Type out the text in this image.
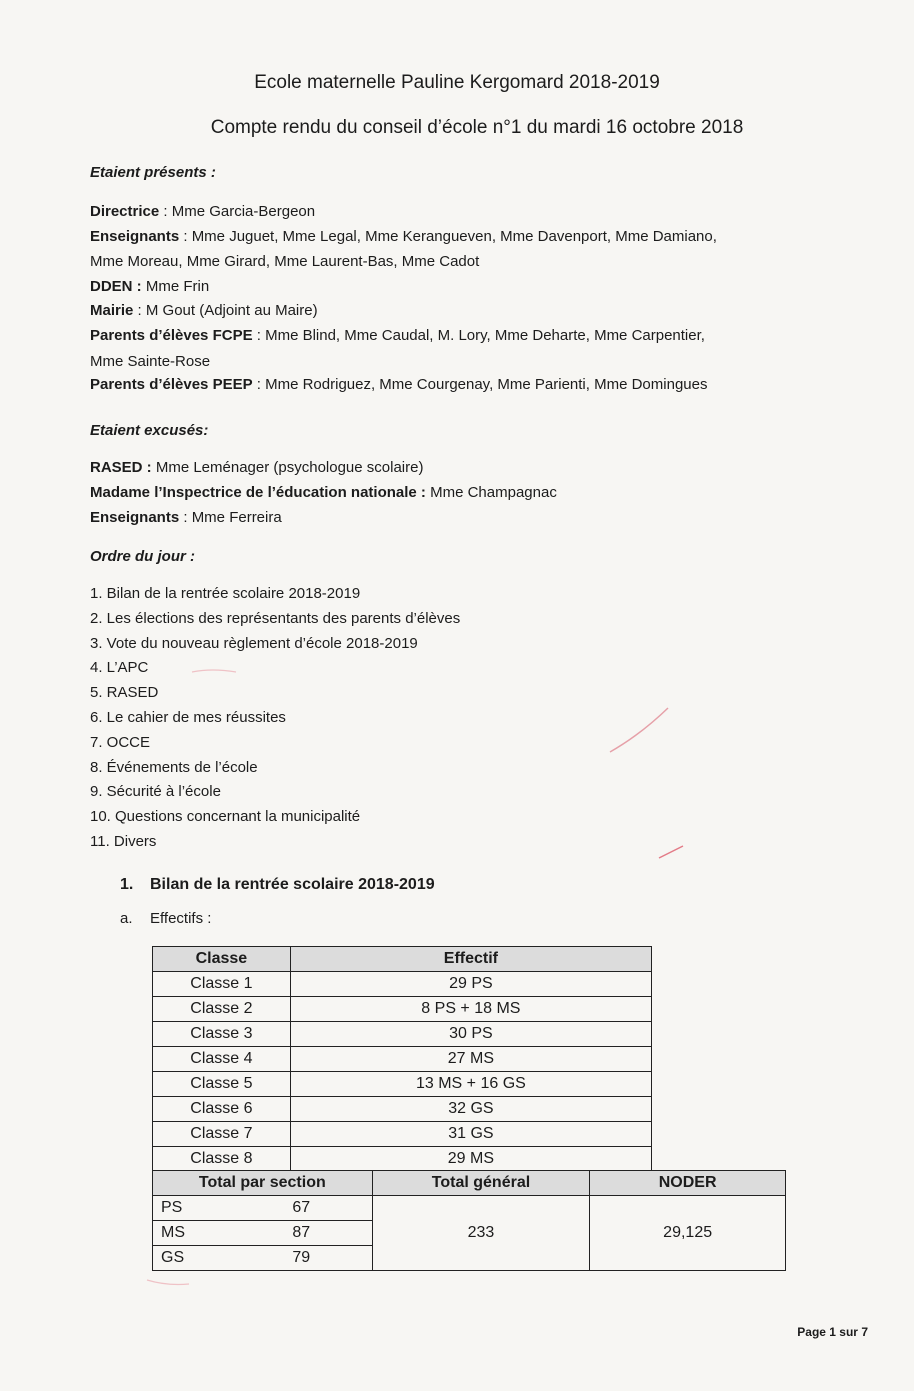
Ecole maternelle Pauline Kergomard 2018-2019
Compte rendu du conseil d’école n°1 du mardi 16 octobre 2018
Etaient présents :
Directrice : Mme Garcia-Bergeon
Enseignants : Mme Juguet, Mme Legal, Mme Kerangueven, Mme Davenport, Mme Damiano,
Mme Moreau, Mme Girard, Mme Laurent-Bas, Mme Cadot
DDEN : Mme Frin
Mairie : M Gout (Adjoint au Maire)
Parents d’élèves FCPE : Mme Blind, Mme Caudal, M. Lory, Mme Deharte, Mme Carpentier,
Mme Sainte-Rose
Parents d’élèves PEEP : Mme Rodriguez, Mme Courgenay, Mme Parienti, Mme Domingues
Etaient excusés:
RASED : Mme Leménager (psychologue scolaire)
Madame l’Inspectrice de l’éducation nationale : Mme Champagnac
Enseignants : Mme Ferreira
Ordre du jour :
1. Bilan de la rentrée scolaire 2018-2019
2. Les élections des représentants des parents d’élèves
3. Vote du nouveau règlement d’école 2018-2019
4. L’APC
5. RASED
6. Le cahier de mes réussites
7. OCCE
8. Événements de l’école
9. Sécurité à l’école
10. Questions concernant la municipalité
11. Divers
1. Bilan de la rentrée scolaire 2018-2019
a. Effectifs :
Classe	Effectif
Classe 1	29 PS
Classe 2	8 PS + 18 MS
Classe 3	30 PS
Classe 4	27 MS
Classe 5	13 MS + 16 GS
Classe 6	32 GS
Classe 7	31 GS
Classe 8	29 MS
Total par section		Total général	NODER
PS	67	233	29,125
MS	87		
GS	79		
Page 1 sur 7
